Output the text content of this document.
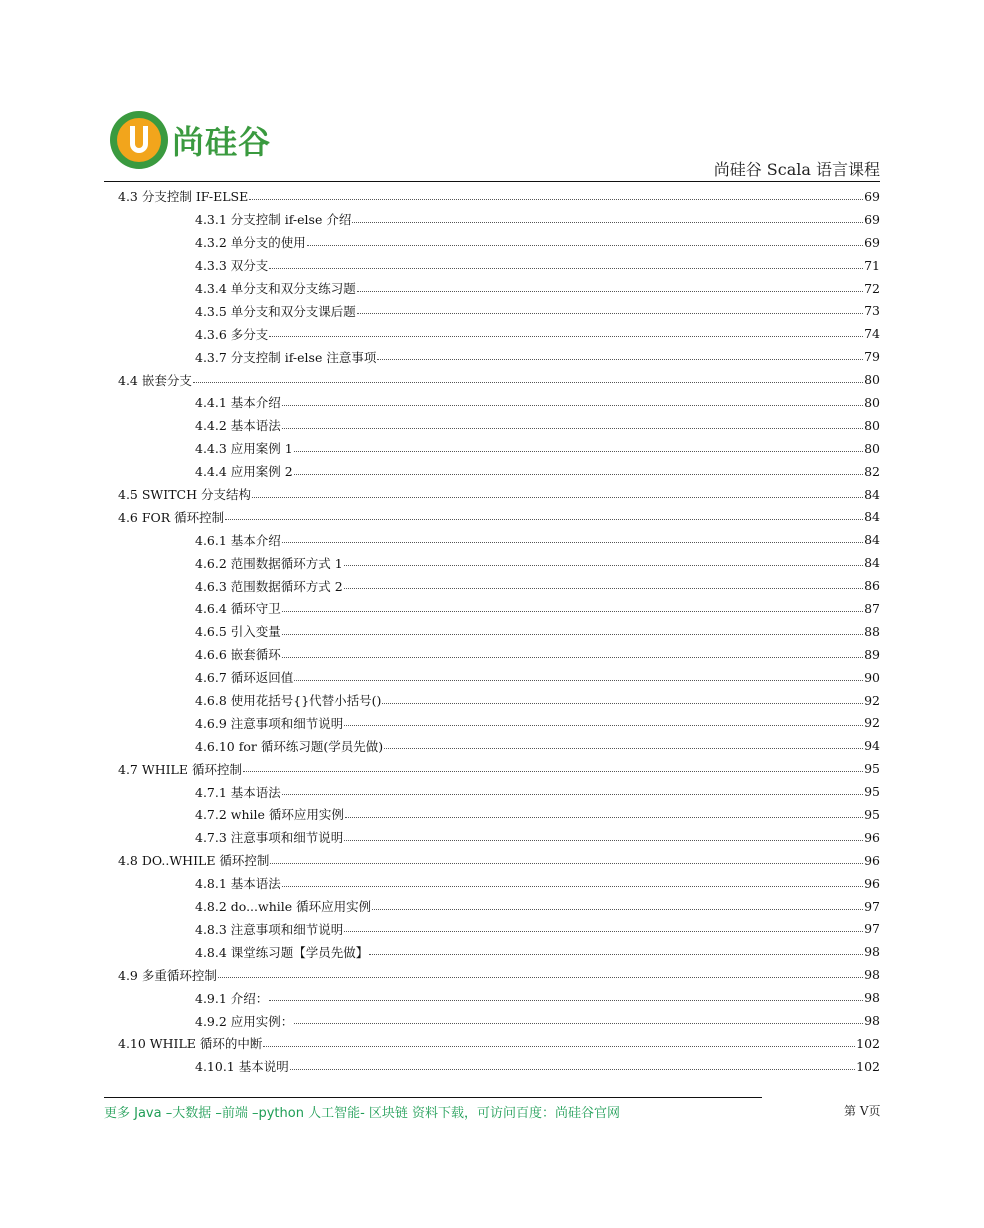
尚硅谷
尚硅谷 Scala 语言课程
4.3 分支控制 IF-ELSE	69
4.3.1 分支控制 if-else 介绍	69
4.3.2 单分支的使用	69
4.3.3 双分支	71
4.3.4 单分支和双分支练习题	72
4.3.5 单分支和双分支课后题	73
4.3.6 多分支	74
4.3.7 分支控制 if-else 注意事项	79
4.4 嵌套分支	80
4.4.1 基本介绍	80
4.4.2 基本语法	80
4.4.3 应用案例 1	80
4.4.4 应用案例 2	82
4.5 SWITCH 分支结构	84
4.6 FOR 循环控制	84
4.6.1 基本介绍	84
4.6.2 范围数据循环方式 1	84
4.6.3 范围数据循环方式 2	86
4.6.4 循环守卫	87
4.6.5 引入变量	88
4.6.6 嵌套循环	89
4.6.7 循环返回值	90
4.6.8 使用花括号{}代替小括号()	92
4.6.9 注意事项和细节说明	92
4.6.10 for 循环练习题(学员先做)	94
4.7 WHILE 循环控制	95
4.7.1 基本语法	95
4.7.2 while 循环应用实例	95
4.7.3 注意事项和细节说明	96
4.8 DO..WHILE 循环控制	96
4.8.1 基本语法	96
4.8.2 do...while 循环应用实例	97
4.8.3 注意事项和细节说明	97
4.8.4 课堂练习题【学员先做】	98
4.9 多重循环控制	98
4.9.1 介绍：	98
4.9.2 应用实例：	98
4.10 WHILE 循环的中断	102
4.10.1 基本说明	102
更多 Java –大数据 –前端 –python 人工智能- 区块链 资料下载，可访问百度：尚硅谷官网	第 V页
